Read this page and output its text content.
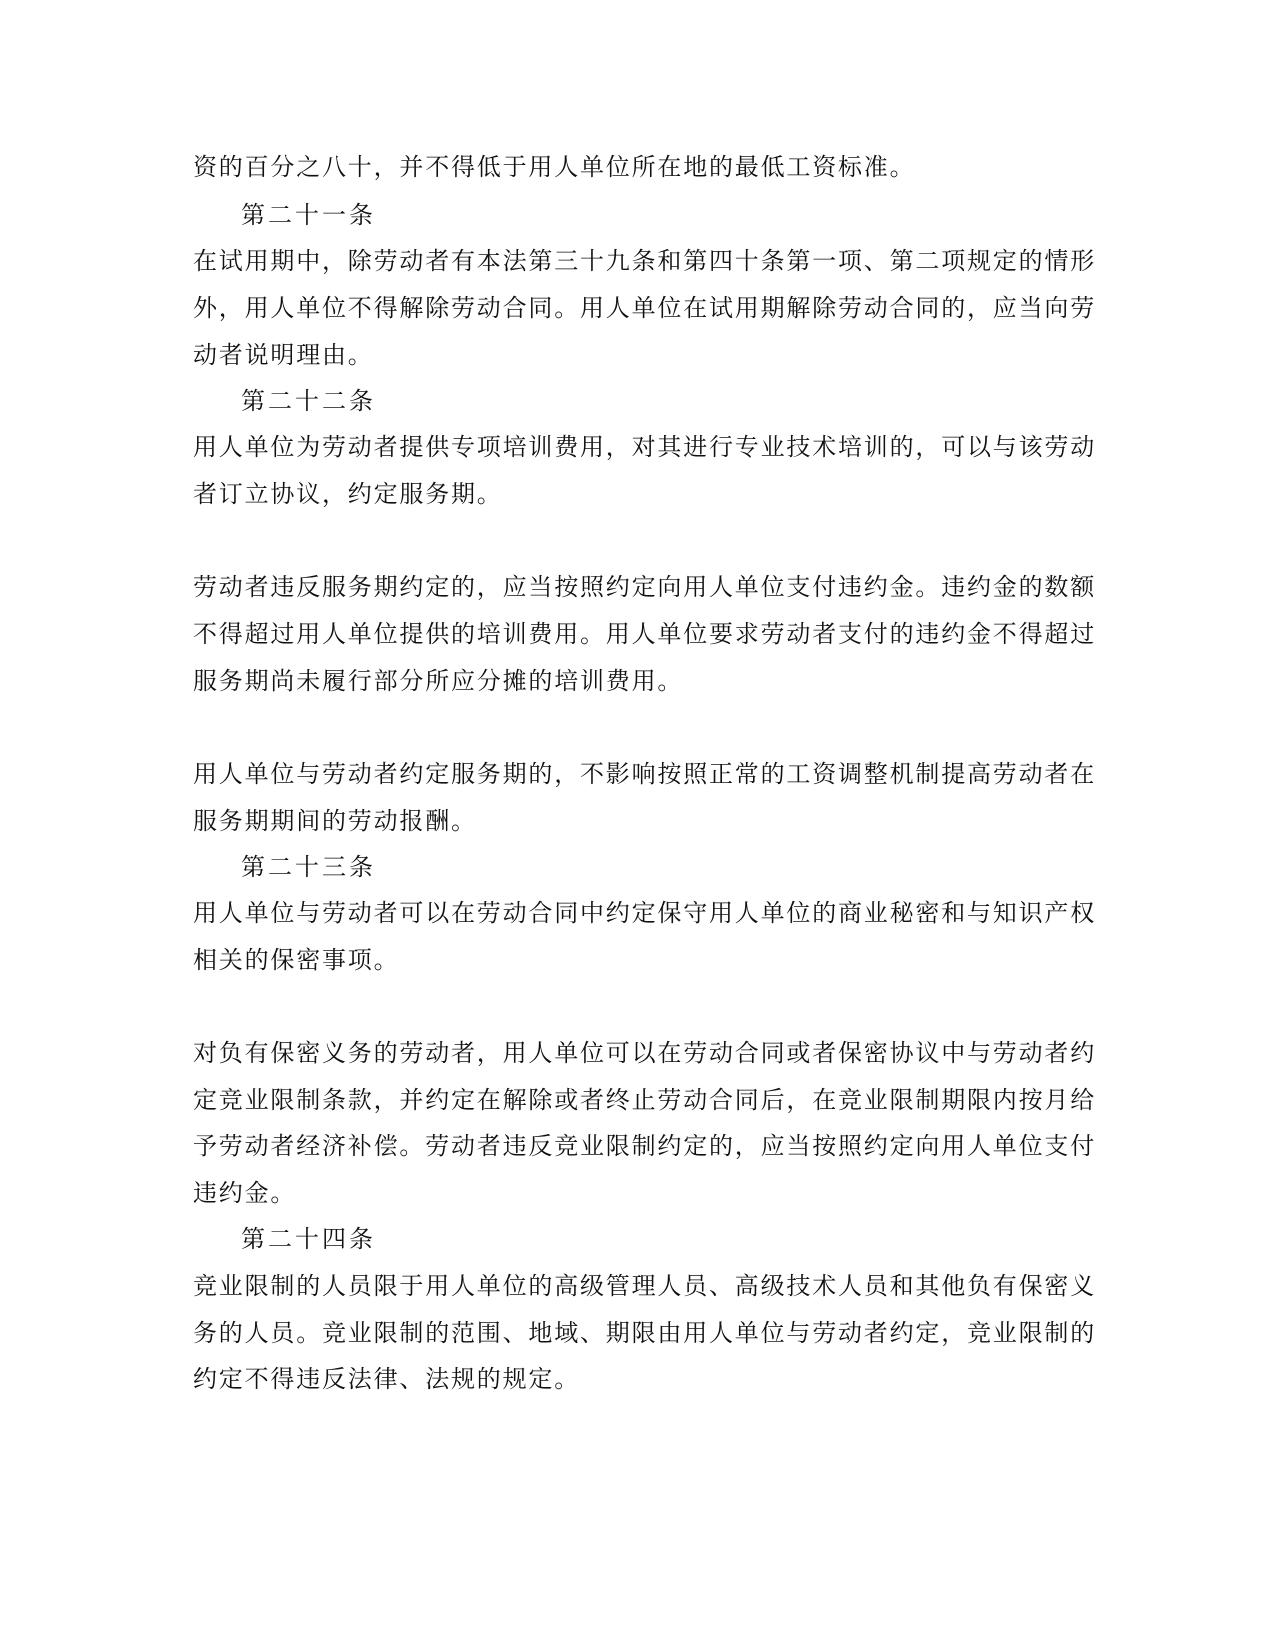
资的百分之八十，并不得低于用人单位所在地的最低工资标准。
第二十一条
在试用期中，除劳动者有本法第三十九条和第四十条第一项、第二项规定的情形
外，用人单位不得解除劳动合同。用人单位在试用期解除劳动合同的，应当向劳
动者说明理由。
第二十二条
用人单位为劳动者提供专项培训费用，对其进行专业技术培训的，可以与该劳动
者订立协议，约定服务期。
劳动者违反服务期约定的，应当按照约定向用人单位支付违约金。违约金的数额
不得超过用人单位提供的培训费用。用人单位要求劳动者支付的违约金不得超过
服务期尚未履行部分所应分摊的培训费用。
用人单位与劳动者约定服务期的，不影响按照正常的工资调整机制提高劳动者在
服务期期间的劳动报酬。
第二十三条
用人单位与劳动者可以在劳动合同中约定保守用人单位的商业秘密和与知识产权
相关的保密事项。
对负有保密义务的劳动者，用人单位可以在劳动合同或者保密协议中与劳动者约
定竞业限制条款，并约定在解除或者终止劳动合同后，在竞业限制期限内按月给
予劳动者经济补偿。劳动者违反竞业限制约定的，应当按照约定向用人单位支付
违约金。
第二十四条
竞业限制的人员限于用人单位的高级管理人员、高级技术人员和其他负有保密义
务的人员。竞业限制的范围、地域、期限由用人单位与劳动者约定，竞业限制的
约定不得违反法律、法规的规定。
